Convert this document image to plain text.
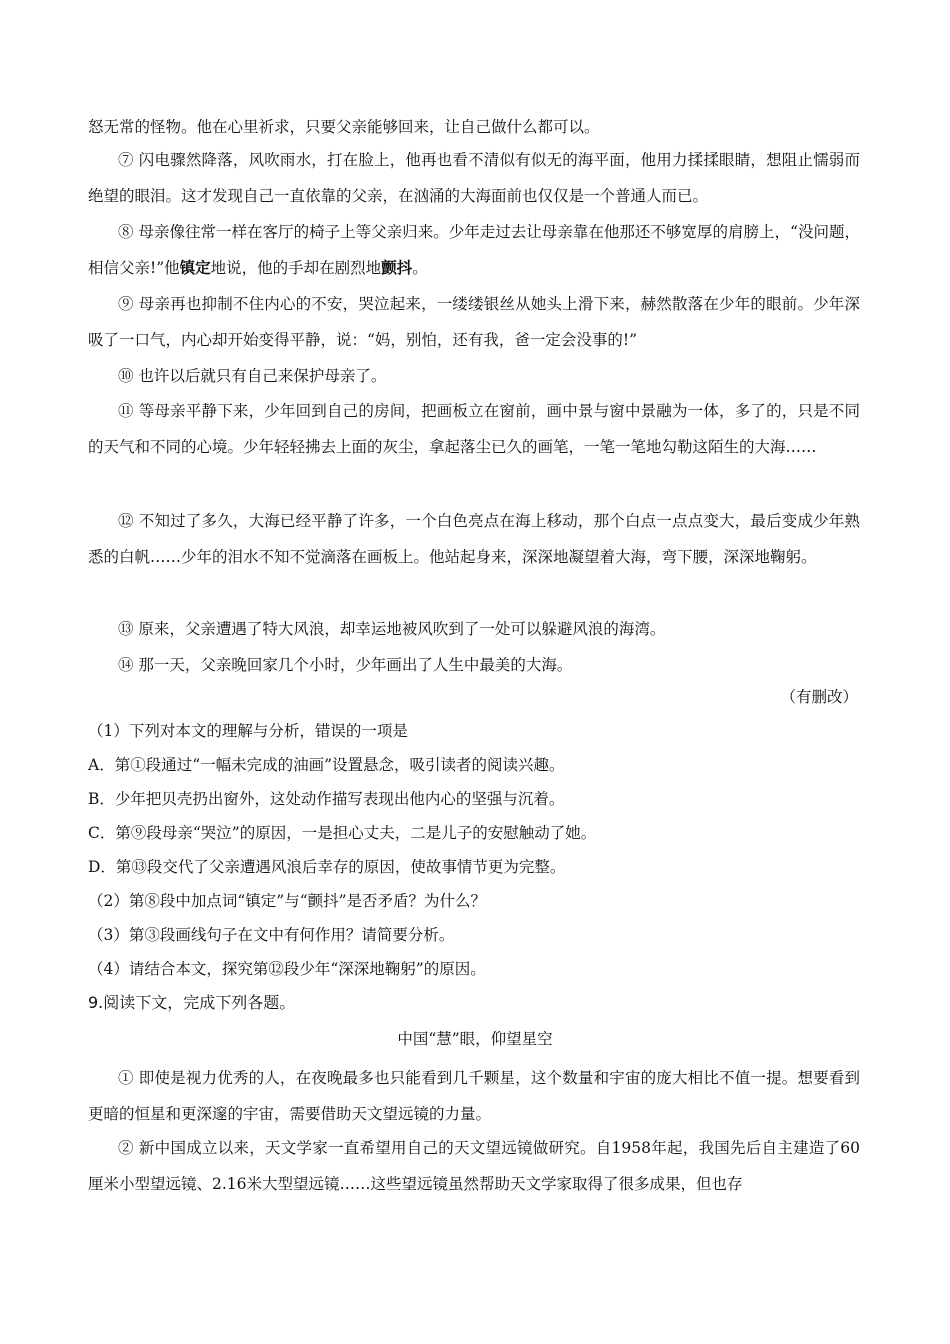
怒无常的怪物。他在心里祈求，只要父亲能够回来，让自己做什么都可以。

⑦ 闪电骤然降落，风吹雨水，打在脸上，他再也看不清似有似无的海平面，他用力揉揉眼睛，想阻止懦弱而绝望的眼泪。这才发现自己一直依靠的父亲，在汹涌的大海面前也仅仅是一个普通人而已。

⑧ 母亲像往常一样在客厅的椅子上等父亲归来。少年走过去让母亲靠在他那还不够宽厚的肩膀上，“没问题，相信父亲!”他镇定地说，他的手却在剧烈地颤抖。

⑨ 母亲再也抑制不住内心的不安，哭泣起来，一缕缕银丝从她头上滑下来，赫然散落在少年的眼前。少年深吸了一口气，内心却开始变得平静，说：“妈，别怕，还有我，爸一定会没事的!”

⑩ 也许以后就只有自己来保护母亲了。

⑪ 等母亲平静下来，少年回到自己的房间，把画板立在窗前，画中景与窗中景融为一体，多了的，只是不同的天气和不同的心境。少年轻轻拂去上面的灰尘，拿起落尘已久的画笔，一笔一笔地勾勒这陌生的大海……

⑫ 不知过了多久，大海已经平静了许多，一个白色亮点在海上移动，那个白点一点点变大，最后变成少年熟悉的白帆……少年的泪水不知不觉滴落在画板上。他站起身来，深深地凝望着大海，弯下腰，深深地鞠躬。

⑬ 原来，父亲遭遇了特大风浪，却幸运地被风吹到了一处可以躲避风浪的海湾。

⑭ 那一天，父亲晚回家几个小时，少年画出了人生中最美的大海。

（有删改）
（1）下列对本文的理解与分析，错误的一项是
A．第①段通过“一幅未完成的油画”设置悬念，吸引读者的阅读兴趣。
B．少年把贝壳扔出窗外，这处动作描写表现出他内心的坚强与沉着。
C．第⑨段母亲“哭泣”的原因，一是担心丈夫，二是儿子的安慰触动了她。
D．第⑬段交代了父亲遭遇风浪后幸存的原因，使故事情节更为完整。
（2）第⑧段中加点词“镇定”与“颤抖”是否矛盾？为什么？
（3）第③段画线句子在文中有何作用？请简要分析。
（4）请结合本文，探究第⑫段少年“深深地鞠躬”的原因。
9.阅读下文，完成下列各题。
中国“慧”眼，仰望星空

① 即使是视力优秀的人，在夜晚最多也只能看到几千颗星，这个数量和宇宙的庞大相比不值一提。想要看到更暗的恒星和更深邃的宇宙，需要借助天文望远镜的力量。

② 新中国成立以来，天文学家一直希望用自己的天文望远镜做研究。自1958年起，我国先后自主建造了60厘米小型望远镜、2.16米大型望远镜……这些望远镜虽然帮助天文学家取得了很多成果，但也存
